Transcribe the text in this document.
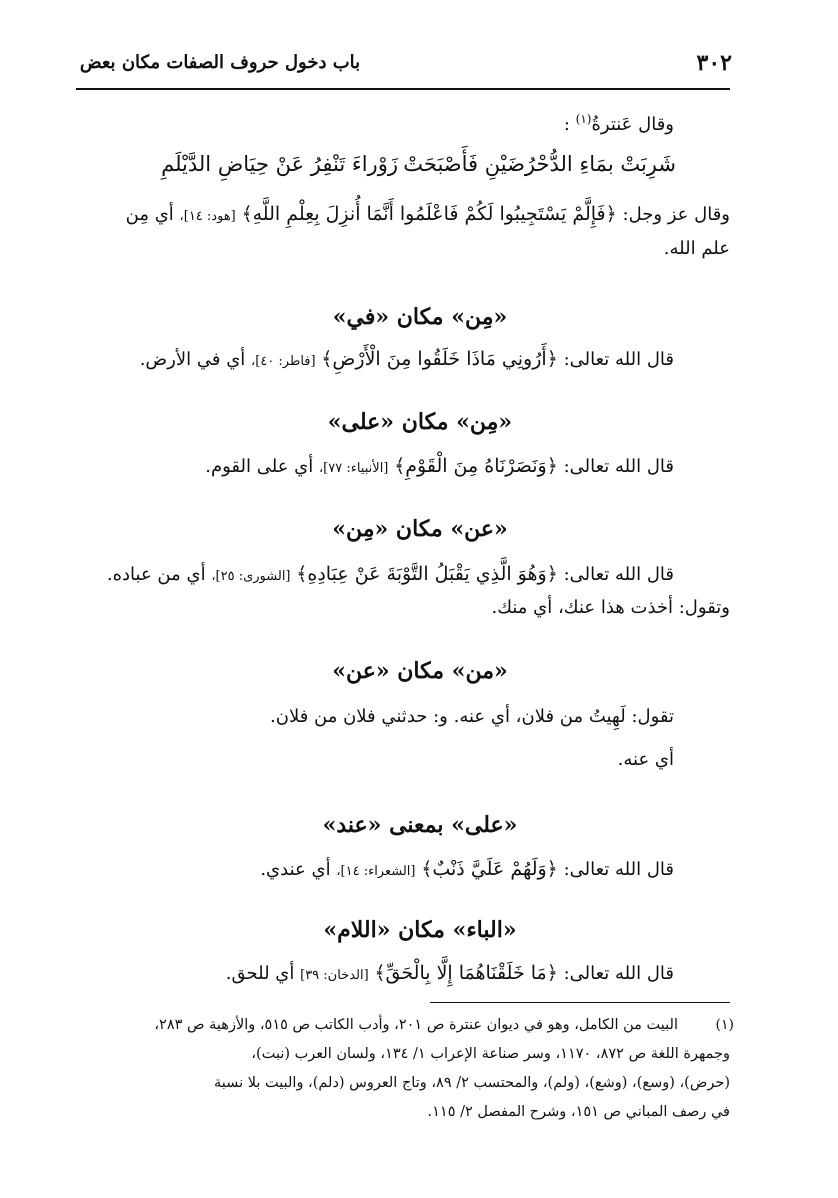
٣٠٢
باب دخول حروف الصفات مكان بعض
وقال عَنترةُ$^{(١)}$ :
شَرِبَتْ بمَاءِ الدُّحْرُضَيْنِ فَأَصْبَحَتْ
زَوْراءَ تَنْفِرُ عَنْ حِيَاضِ الدَّيْلَمِ
وقال عز وجل: ﴿فَإِلَّمْ يَسْتَجِيبُوا لَكُمْ فَاعْلَمُوا أَنَّمَا أُنزِلَ بِعِلْمِ اللَّهِ﴾ [هود: ١٤]، أي مِن
علم الله.
«مِن» مكان «في»
قال الله تعالى: ﴿أَرُونِي مَاذَا خَلَقُوا مِنَ الْأَرْضِ﴾ [فاطر: ٤٠]، أي في الأرض.
«مِن» مكان «على»
قال الله تعالى: ﴿وَنَصَرْنَاهُ مِنَ الْقَوْمِ﴾ [الأنبياء: ٧٧]، أي على القوم.
«عن» مكان «مِن»
قال الله تعالى: ﴿وَهُوَ الَّذِي يَقْبَلُ التَّوْبَةَ عَنْ عِبَادِهِ﴾ [الشورى: ٢٥]، أي من عباده.
وتقول: أخذت هذا عنك، أي منك.
«من» مكان «عن»
تقول: لَهِيتُ من فلان، أي عنه. و: حدثني فلان من فلان.
أي عنه.
«على» بمعنى «عند»
قال الله تعالى: ﴿وَلَهُمْ عَلَيَّ ذَنْبٌ﴾ [الشعراء: ١٤]، أي عندي.
«الباء» مكان «اللام»
قال الله تعالى: ﴿مَا خَلَقْنَاهُمَا إِلَّا بِالْحَقِّ﴾ [الدخان: ٣٩] أي للحق.
(١)
البيت من الكامل، وهو في ديوان عنترة ص ٢٠١، وأدب الكاتب ص ٥١٥، والأزهية ص ٢٨٣،
وجمهرة اللغة ص ٨٧٢، ١١٧٠، وسر صناعة الإعراب ١/ ١٣٤، ولسان العرب (نبت)،
(حرض)، (وسع)، (وشع)، (ولم)، والمحتسب ٢/ ٨٩، وتاج العروس (دلم)، والبيت بلا نسبة
في رصف المباني ص ١٥١، وشرح المفصل ٢/ ١١٥.
